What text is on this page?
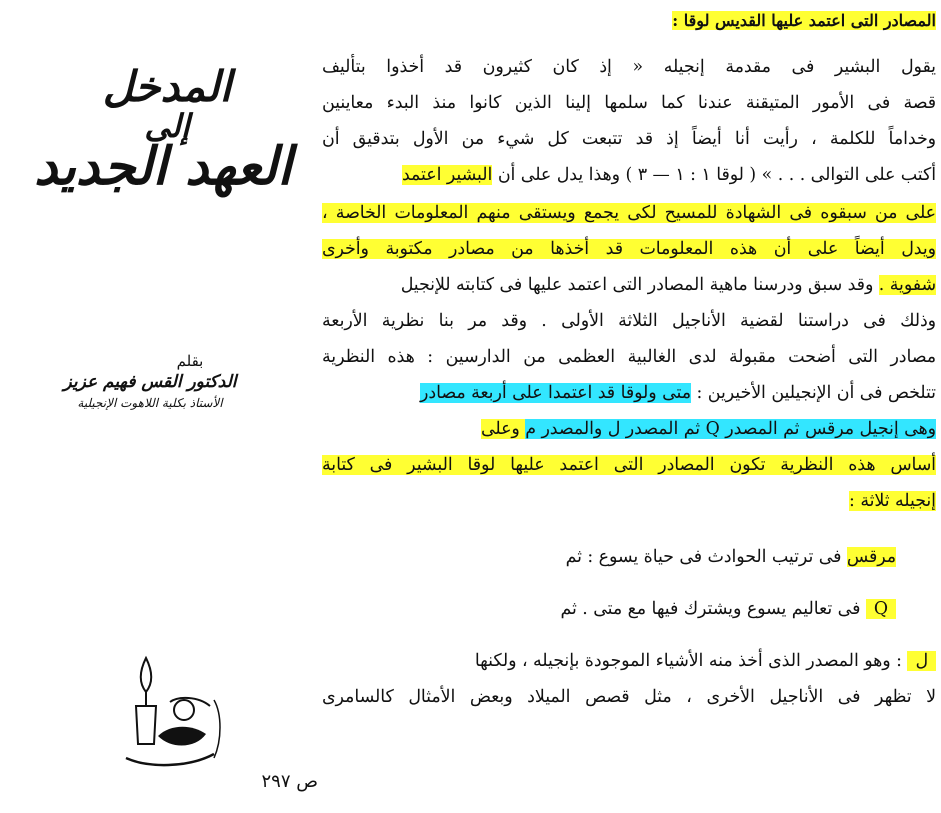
المدخل
إلى
العهد الجديد
بقلم
الدكتور القس فهيم عزيز
الأستاذ بكلية اللاهوت الإنجيلية
ص ٢٩٧
المصادر التى اعتمد عليها القديس لوقا :
يقول البشير فى مقدمة إنجيله « إذ كان كثيرون قد أخذوا بتأليف
قصة فى الأمور المتيقنة عندنا كما سلمها إلينا الذين كانوا منذ البدء معاينين
وخداماً للكلمة ، رأيت أنا أيضاً إذ قد تتبعت كل شيء من الأول بتدقيق أن
أكتب على التوالى . . . » ( لوقا ١ : ١ — ٣ ) وهذا يدل على أن البشير اعتمد
على من سبقوه فى الشهادة للمسيح لكى يجمع ويستقى منهم المعلومات الخاصة ،
ويدل أيضاً على أن هذه المعلومات قد أخذها من مصادر مكتوبة وأخرى
شفوية . وقد سبق ودرسنا ماهية المصادر التى اعتمد عليها فى كتابته للإنجيل
وذلك فى دراستنا لقضية الأناجيل الثلاثة الأولى . وقد مر بنا نظرية الأربعة
مصادر التى أضحت مقبولة لدى الغالبية العظمى من الدارسين : هذه النظرية
تتلخص فى أن الإنجيلين الأخيرين : متى ولوقا قد اعتمدا على أربعة مصادر
وهى إنجيل مرقس ثم المصدر Q ثم المصدر ل والمصدر م وعلى
أساس هذه النظرية تكون المصادر التى اعتمد عليها لوقا البشير فى كتابة
إنجيله ثلاثة :
مرقس فى ترتيب الحوادث فى حياة يسوع : ثم
Q فى تعاليم يسوع ويشترك فيها مع متى . ثم
ل : وهو المصدر الذى أخذ منه الأشياء الموجودة بإنجيله ، ولكنها
لا تظهر فى الأناجيل الأخرى ، مثل قصص الميلاد وبعض الأمثال كالسامرى
